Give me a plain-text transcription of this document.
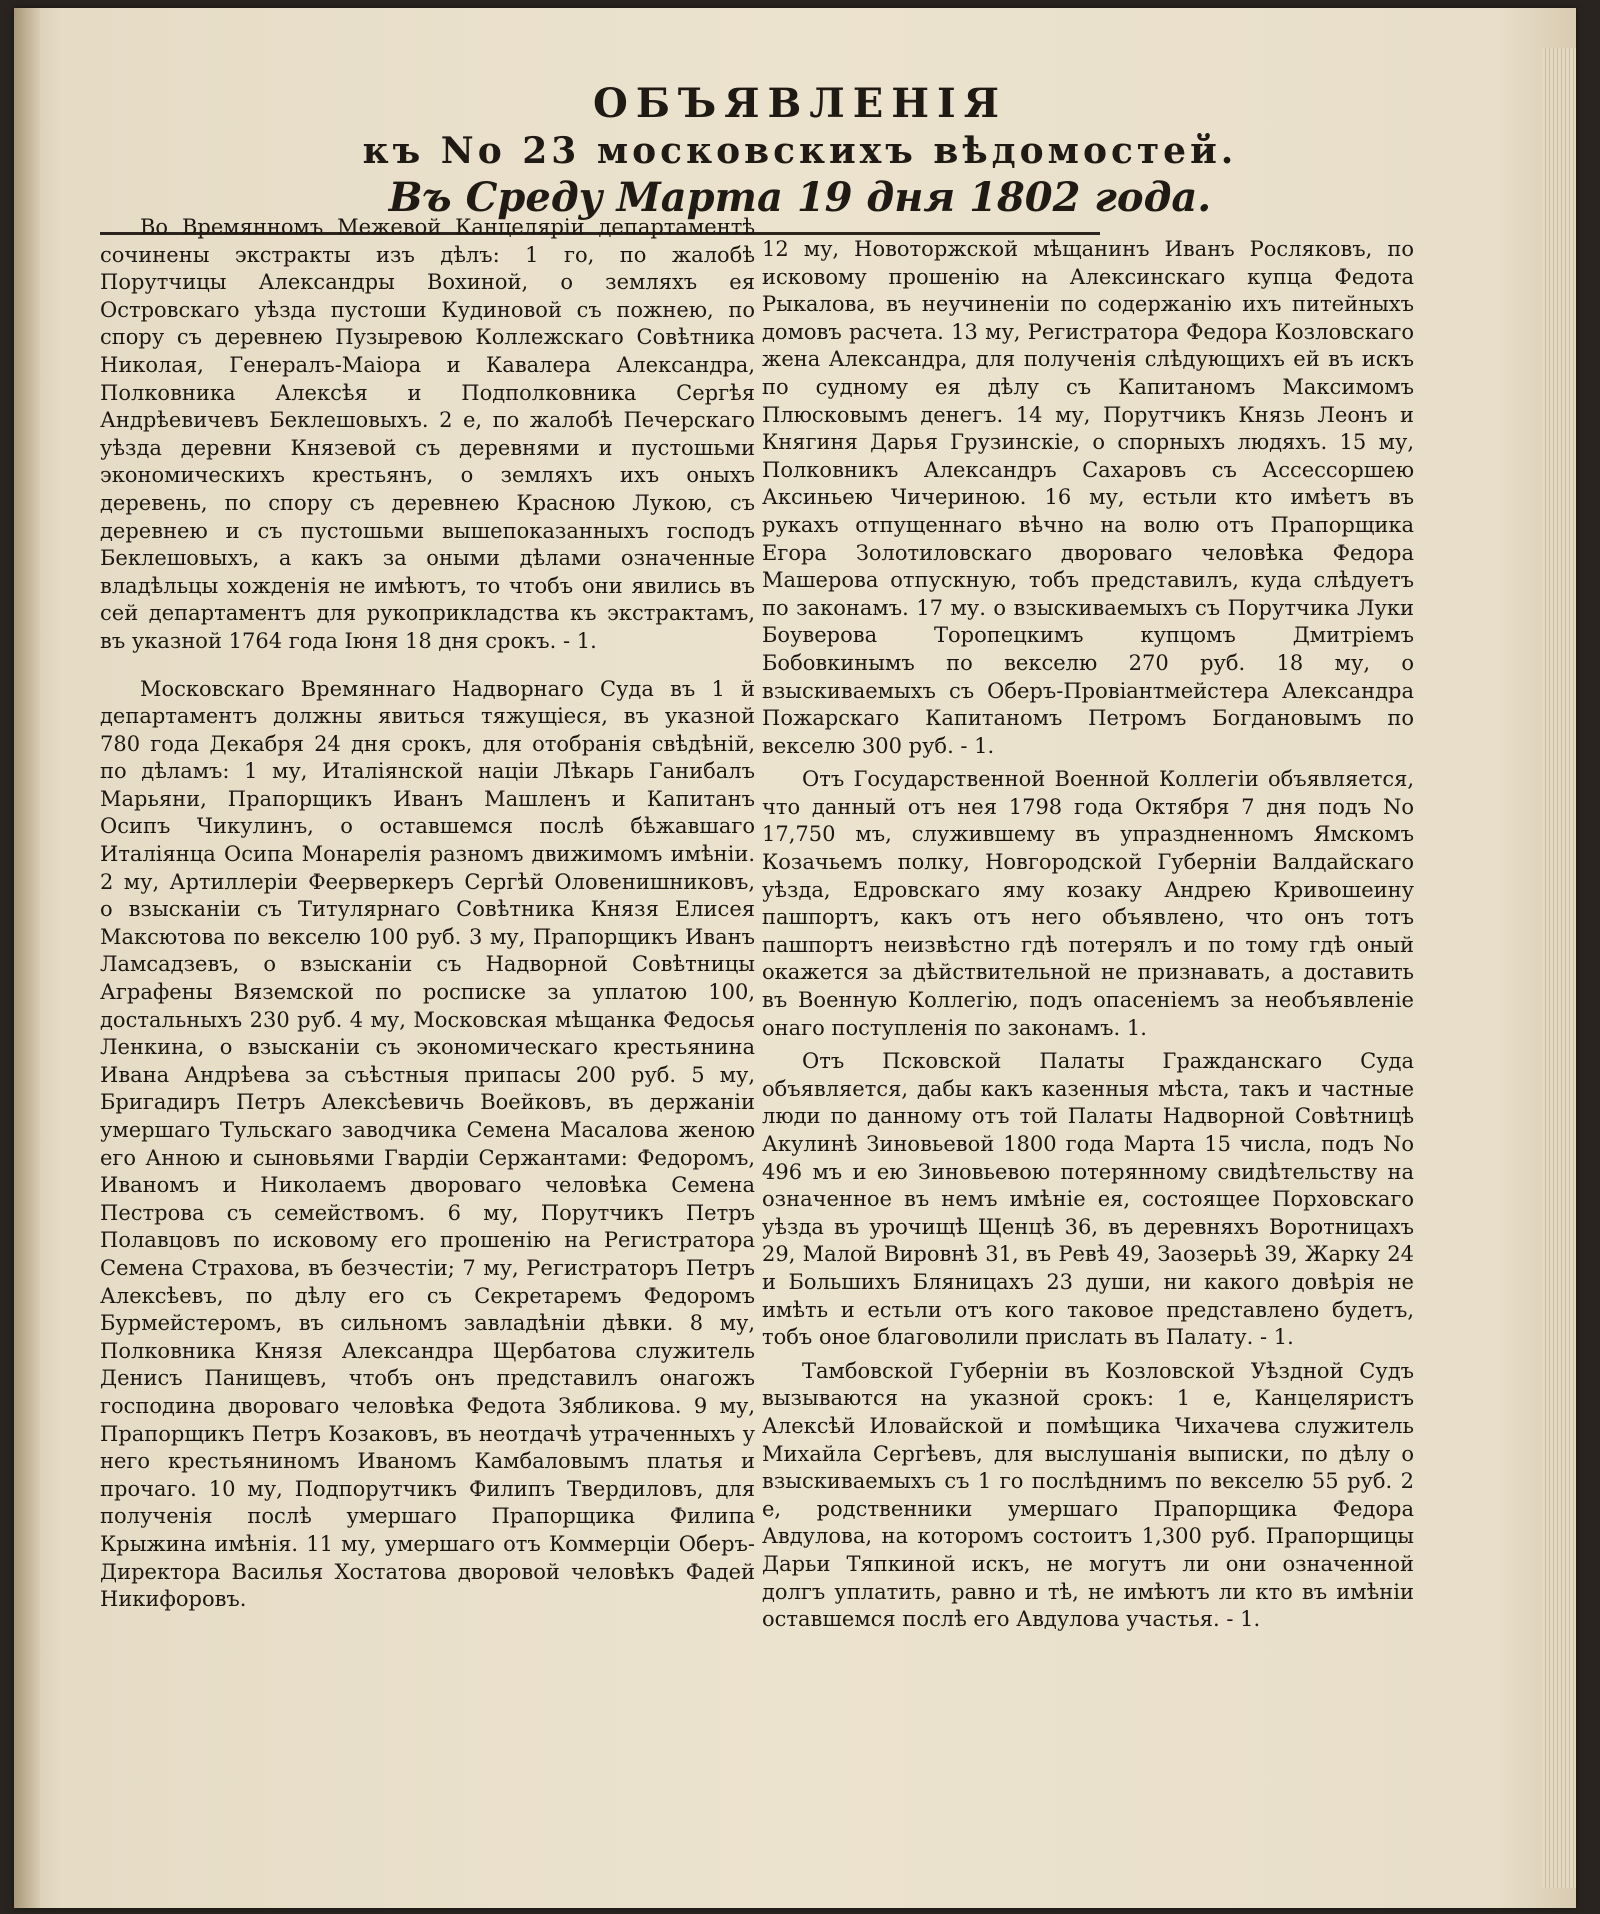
ОБЪЯВЛЕНІЯ
къ No 23 московскихъ вѣдомостей.
Въ Среду Марта 19 дня 1802 года.

Во Времянномъ Межевой Канцеляріи департаментѣ сочинены экстракты изъ дѣлъ: 1 го, по жалобѣ Порутчицы Александры Вохиной, о земляхъ ея Островскаго уѣзда пустоши Кудиновой съ пожнею, по спору съ деревнею Пузыревою Коллежскаго Совѣтника Николая, Генералъ-Маіора и Кавалера Александра, Полковника Алексѣя и Подполковника Сергѣя Андрѣевичевъ Беклешовыхъ. 2 е, по жалобѣ Печерскаго уѣзда деревни Князевой съ деревнями и пустошьми экономическихъ крестьянъ, о земляхъ ихъ оныхъ деревень, по спору съ деревнею Красною Лукою, съ деревнею и съ пустошьми вышепоказанныхъ господъ Беклешовыхъ, а какъ за оными дѣлами означенные владѣльцы хожденія не имѣютъ, то чтобъ они явились въ сей департаментъ для рукоприкладства къ экстрактамъ, въ указной 1764 года Іюня 18 дня срокъ. - 1.

Московскаго Времяннаго Надворнаго Суда въ 1 й департаментъ должны явиться тяжущіеся, въ указной 780 года Декабря 24 дня срокъ, для отобранія свѣдѣній, по дѣламъ: 1 му, Италіянской націи Лѣкарь Ганибалъ Марьяни, Прапорщикъ Иванъ Машленъ и Капитанъ Осипъ Чикулинъ, о оставшемся послѣ бѣжавшаго Италіянца Осипа Монарелія разномъ движимомъ имѣніи. 2 му, Артиллеріи Феерверкеръ Сергѣй Оловенишниковъ, о взысканіи съ Титулярнаго Совѣтника Князя Елисея Максютова по векселю 100 руб. 3 му, Прапорщикъ Иванъ Ламсадзевъ, о взысканіи съ Надворной Совѣтницы Аграфены Вяземской по росписке за уплатою 100, достальныхъ 230 руб. 4 му, Московская мѣщанка Федосья Ленкина, о взысканіи съ экономическаго крестьянина Ивана Андрѣева за съѣстныя припасы 200 руб. 5 му, Бригадиръ Петръ Алексѣевичь Воейковъ, въ держаніи умершаго Тульскаго заводчика Семена Масалова женою его Анною и сыновьями Гвардіи Сержантами: Федоромъ, Иваномъ и Николаемъ дворовaго человѣка Семена Пестрова съ семействомъ. 6 му, Порутчикъ Петръ Полавцовъ по исковому его прошенію на Регистратора Семена Страхова, въ безчестіи; 7 му, Регистраторъ Петръ Алексѣевъ, по дѣлу его съ Секретаремъ Федоромъ Бурмейстеромъ, въ сильномъ завладѣніи дѣвки. 8 му, Полковника Князя Александра Щербатова служитель Денисъ Панищевъ, чтобъ онъ представилъ онагожъ господина дворовaго человѣка Федота Зябликова. 9 му, Прапорщикъ Петръ Козаковъ, въ неотдачѣ утраченныхъ у него крестьяниномъ Иваномъ Камбаловымъ платья и прочаго. 10 му, Подпорутчикъ Филипъ Твердиловъ, для полученія послѣ умершаго Прапорщика Филипа Крыжина имѣнія. 11 му, умершаго отъ Коммерціи Оберъ-Директора Василья Хостатова дворовой человѣкъ Фадей Никифоровъ.

12 му, Новоторжской мѣщанинъ Иванъ Росляковъ, по исковому прошенію на Алексинскаго купца Федота Рыкалова, въ неучиненіи по содержанію ихъ питейныхъ домовъ расчета. 13 му, Регистратора Федора Козловскаго жена Александра, для полученія слѣдующихъ ей въ искъ по судному ея дѣлу съ Капитаномъ Максимомъ Плюсковымъ денегъ. 14 му, Порутчикъ Князь Леонъ и Княгиня Дарья Грузинскіе, о спорныхъ людяхъ. 15 му, Полковникъ Александръ Сахаровъ съ Ассессоршею Аксиньею Чичериною. 16 му, естьли кто имѣетъ въ рукахъ отпущеннаго вѣчно на волю отъ Прапорщика Егора Золотиловскаго дворовaго человѣка Федора Машерова отпускную, тобъ представилъ, куда слѣдуетъ по законамъ. 17 му. о взыскиваемыхъ съ Порутчика Луки Боуверова Торопецкимъ купцомъ Дмитріемъ Бобовкинымъ по векселю 270 руб. 18 му, о взыскиваемыхъ съ Оберъ-Провіантмейстера Александра Пожарскаго Капитаномъ Петромъ Богдановымъ по векселю 300 руб. - 1.

Отъ Государственной Военной Коллегіи объявляется, что данный отъ нея 1798 года Октября 7 дня подъ No 17,750 мъ, служившему въ упраздненномъ Ямскомъ Козачьемъ полку, Новгородской Губерніи Валдайскаго уѣзда, Едровскаго яму козаку Андрею Кривошеину пашпортъ, какъ отъ него объявлено, что онъ тотъ пашпортъ неизвѣстно гдѣ потерялъ и по тому гдѣ оный окажется за дѣйствительной не признавать, а доставить въ Военную Коллегію, подъ опасеніемъ за необъявленіе онаго поступленія по законамъ. 1.

Отъ Псковской Палаты Гражданскаго Суда объявляется, дабы какъ казенныя мѣста, такъ и частные люди по данному отъ той Палаты Надворной Совѣтницѣ Акулинѣ Зиновьевой 1800 года Марта 15 числа, подъ No 496 мъ и ею Зиновьевою потерянному свидѣтельству на означенное въ немъ имѣніе ея, состоящее Порховскаго уѣзда въ урочищѣ Щенцѣ 36, въ деревняхъ Воротницахъ 29, Малой Вировнѣ 31, въ Ревѣ 49, Заозерьѣ 39, Жарку 24 и Большихъ Бляницахъ 23 души, ни какого довѣрія не имѣть и естьли отъ кого таковое представлено будетъ, тобъ оное благоволили прислать въ Палату. - 1.

Тамбовской Губерніи въ Козловской Уѣздной Судъ вызываются на указной срокъ: 1 е, Канцеляристъ Алексѣй Иловайской и помѣщика Чихачева служитель Михайла Сергѣевъ, для выслушанія выписки, по дѣлу о взыскиваемыхъ съ 1 го послѣднимъ по векселю 55 руб. 2 е, родственники умершаго Прапорщика Федора Авдулова, на которомъ состоитъ 1,300 руб. Прапорщицы Дарьи Тяпкиной искъ, не могутъ ли они означенной долгъ уплатить, равно и тѣ, не имѣютъ ли кто въ имѣніи оставшемся послѣ его Авдулова участья. - 1.
